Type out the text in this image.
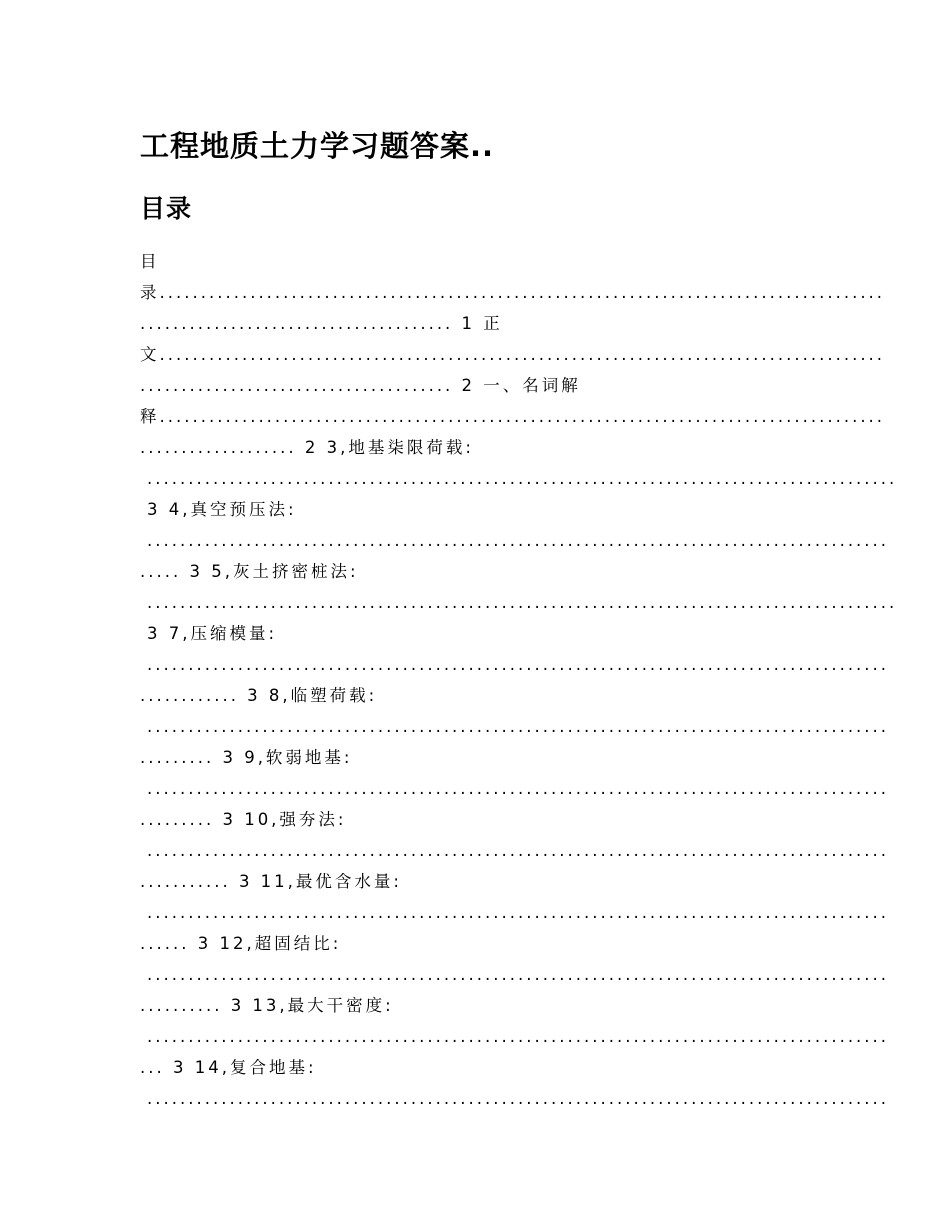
工程地质土力学习题答案..
目录
目
录........................................................................................
...................................... 1 正
文........................................................................................
...................................... 2 一、名词解
释........................................................................................
................... 2 3,地基柒限荷载:
...........................................................................................
3 4,真空预压法:
..........................................................................................
..... 3 5,灰土挤密桩法:
...........................................................................................
3 7,压缩模量:
..........................................................................................
............ 3 8,临塑荷载:
..........................................................................................
......... 3 9,软弱地基:
..........................................................................................
......... 3 10,强夯法:
..........................................................................................
........... 3 11,最优含水量:
..........................................................................................
...... 3 12,超固结比:
..........................................................................................
.......... 3 13,最大干密度:
..........................................................................................
... 3 14,复合地基:
..........................................................................................
